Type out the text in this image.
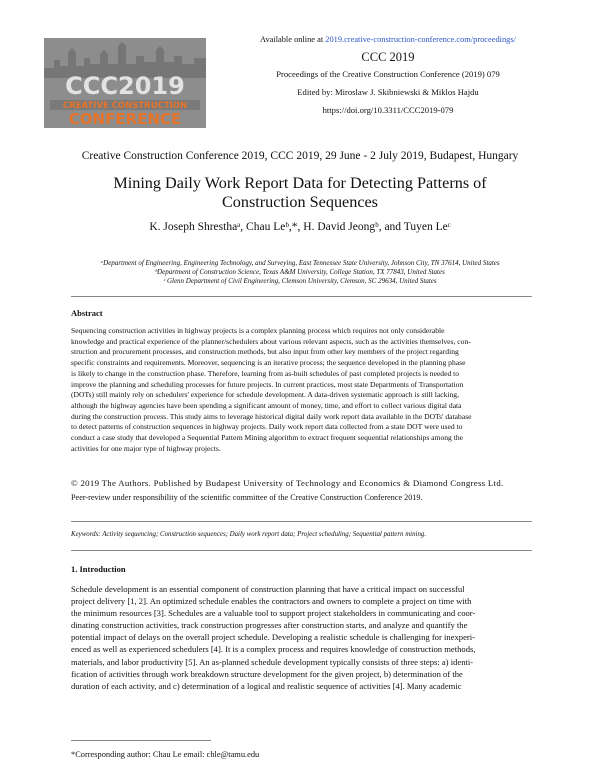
CCC2019
CREATIVE CONSTRUCTION
CONFERENCE
Available online at 2019.creative-construction-conference.com/proceedings/
CCC 2019
Proceedings of the Creative Construction Conference (2019) 079
Edited by: Miroslaw J. Skibniewski & Miklos Hajdu
https://doi.org/10.3311/CCC2019-079
Creative Construction Conference 2019, CCC 2019, 29 June - 2 July 2019, Budapest, Hungary
Mining Daily Work Report Data for Detecting Patterns of Construction Sequences
K. Joseph Shresthaᵃ, Chau Leᵇ,*, H. David Jeongᵇ, and Tuyen Leᶜ
ᵃDepartment of Engineering, Engineering Technology, and Surveying, East Tennessee State University, Johnson City, TN 37614, United States
ᵇDepartment of Construction Science, Texas A&M University, College Station, TX 77843, United States
ᶜ Glenn Department of Civil Engineering, Clemson University, Clemson, SC 29634, United States
Abstract
Sequencing construction activities in highway projects is a complex planning process which requires not only considerable
knowledge and practical experience of the planner/schedulers about various relevant aspects, such as the activities themselves, con-
struction and procurement processes, and construction methods, but also input from other key members of the project regarding
specific constraints and requirements. Moreover, sequencing is an iterative process; the sequence developed in the planning phase
is likely to change in the construction phase. Therefore, learning from as-built schedules of past completed projects is needed to
improve the planning and scheduling processes for future projects. In current practices, most state Departments of Transportation
(DOTs) still mainly rely on schedulers' experience for schedule development. A data-driven systematic approach is still lacking,
although the highway agencies have been spending a significant amount of money, time, and effort to collect various digital data
during the construction process. This study aims to leverage historical digital daily work report data available in the DOTs' database
to detect patterns of construction sequences in highway projects. Daily work report data collected from a state DOT were used to
conduct a case study that developed a Sequential Pattern Mining algorithm to extract frequent sequential relationships among the
activities for one major type of highway projects.
© 2019 The Authors. Published by Budapest University of Technology and Economics & Diamond Congress Ltd.
Peer-review under responsibility of the scientific committee of the Creative Construction Conference 2019.
Keywords: Activity sequencing; Construction sequences; Daily work report data; Project scheduling; Sequential pattern mining.
1. Introduction
Schedule development is an essential component of construction planning that have a critical impact on successful
project delivery [1, 2]. An optimized schedule enables the contractors and owners to complete a project on time with
the minimum resources [3]. Schedules are a valuable tool to support project stakeholders in communicating and coor-
dinating construction activities, track construction progresses after construction starts, and analyze and quantify the
potential impact of delays on the overall project schedule. Developing a realistic schedule is challenging for inexperi-
enced as well as experienced schedulers [4]. It is a complex process and requires knowledge of construction methods,
materials, and labor productivity [5]. An as-planned schedule development typically consists of three steps: a) identi-
fication of activities through work breakdown structure development for the given project, b) determination of the
duration of each activity, and c) determination of a logical and realistic sequence of activities [4]. Many academic
*Corresponding author: Chau Le email: chle@tamu.edu
